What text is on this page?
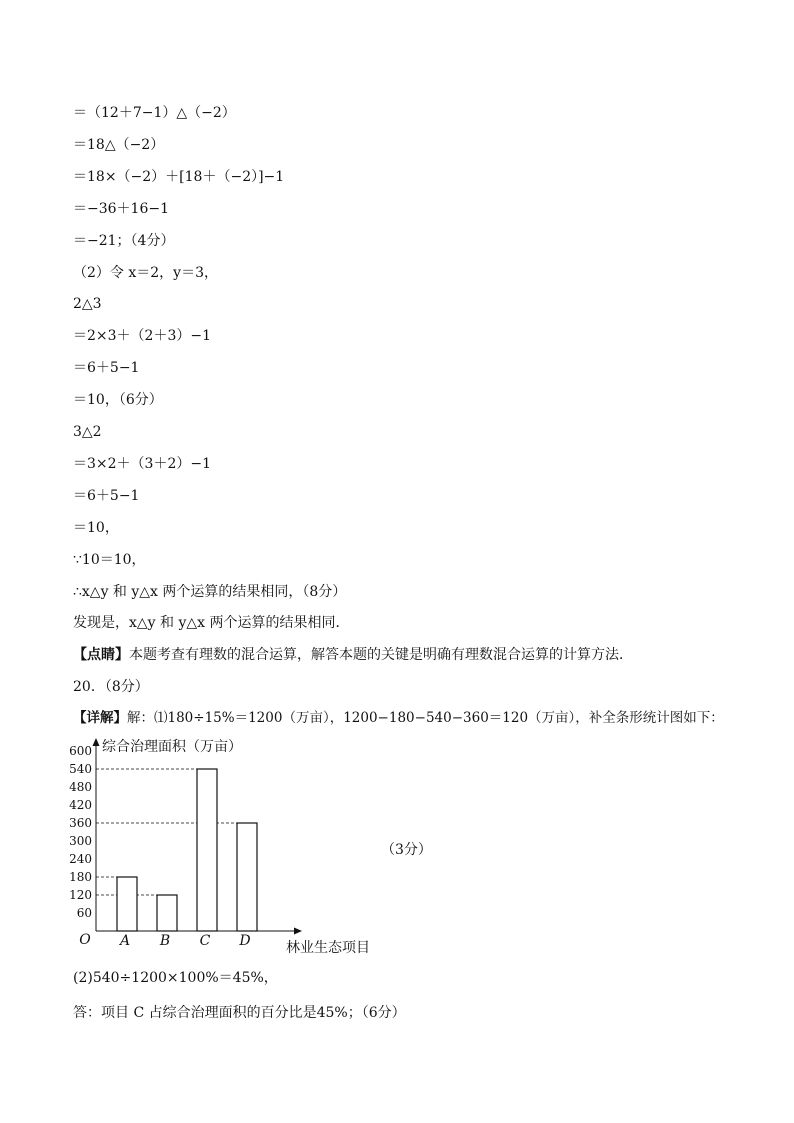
＝（12＋7−1）△（−2）
＝18△（−2）
＝18×（−2）＋[18＋（−2）]−1
＝−36＋16−1
＝−21；（4分）
（2）令 x＝2，y＝3，
2△3
＝2×3＋（2＋3）−1
＝6＋5−1
＝10，（6分）
3△2
＝3×2＋（3＋2）−1
＝6＋5−1
＝10，
∵10＝10，
∴x△y 和 y△x 两个运算的结果相同，（8分）
发现是，x△y 和 y△x 两个运算的结果相同．
【点睛】本题考查有理数的混合运算，解答本题的关键是明确有理数混合运算的计算方法．
20．（8分）
【详解】解：⑴180÷15%＝1200（万亩），1200−180−540−360＝120（万亩），补全条形统计图如下：
综合治理面积（万亩）
O	林业生态项目
60
120
180
240
300
360
420
480
540
600
A B C D
（3分）
(2)540÷1200×100%＝45%，
答：项目 C 占综合治理面积的百分比是45%；（6分）
